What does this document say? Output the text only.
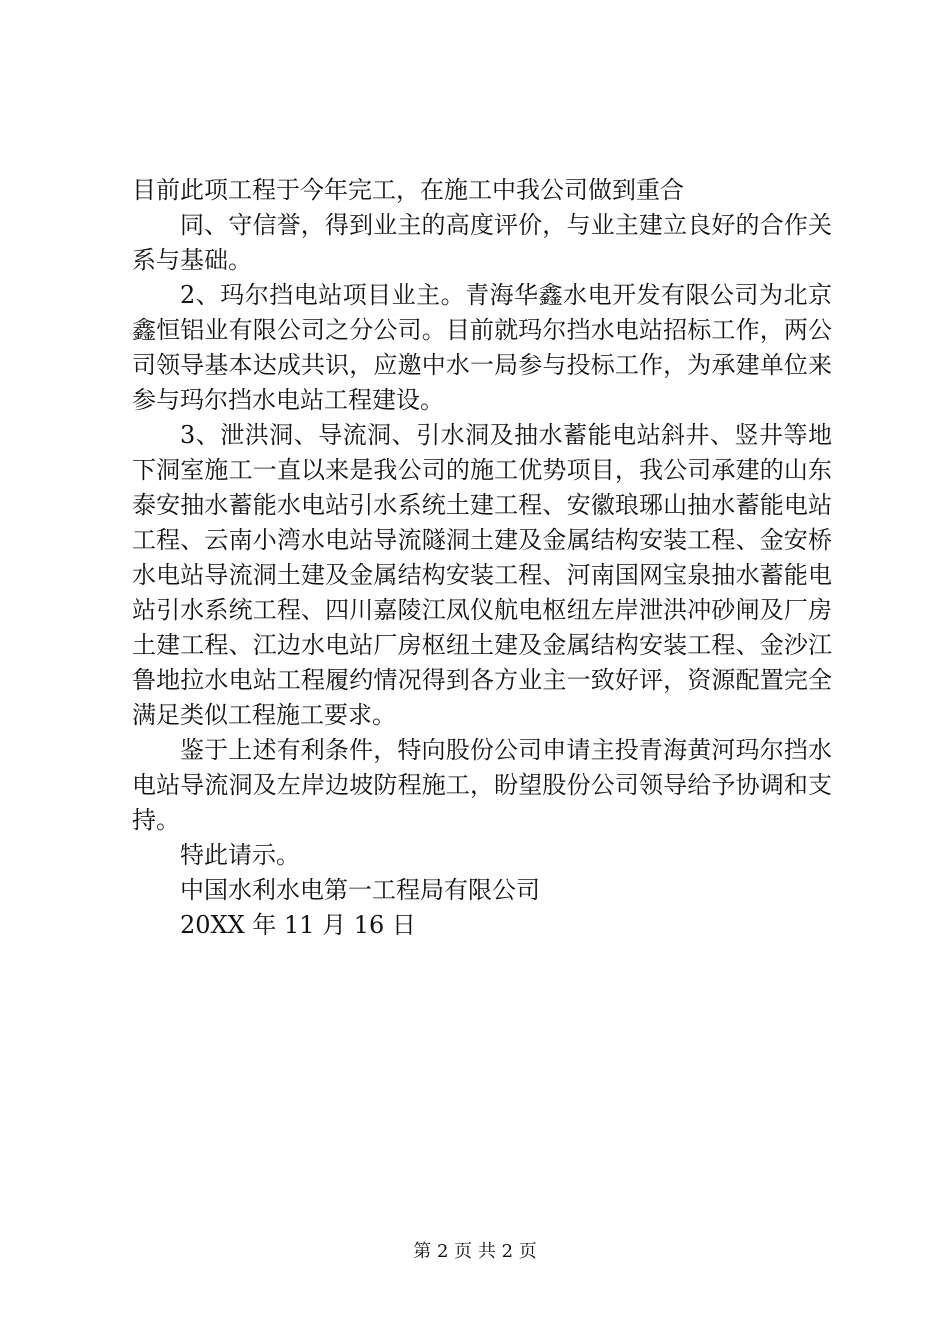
目前此项工程于今年完工，在施工中我公司做到重合

同、守信誉，得到业主的高度评价，与业主建立良好的合作关系与基础。

2、玛尔挡电站项目业主。青海华鑫水电开发有限公司为北京鑫恒铝业有限公司之分公司。目前就玛尔挡水电站招标工作，两公司领导基本达成共识，应邀中水一局参与投标工作，为承建单位来参与玛尔挡水电站工程建设。

3、泄洪洞、导流洞、引水洞及抽水蓄能电站斜井、竖井等地下洞室施工一直以来是我公司的施工优势项目，我公司承建的山东泰安抽水蓄能水电站引水系统土建工程、安徽琅琊山抽水蓄能电站工程、云南小湾水电站导流隧洞土建及金属结构安装工程、金安桥水电站导流洞土建及金属结构安装工程、河南国网宝泉抽水蓄能电站引水系统工程、四川嘉陵江凤仪航电枢纽左岸泄洪冲砂闸及厂房土建工程、江边水电站厂房枢纽土建及金属结构安装工程、金沙江鲁地拉水电站工程履约情况得到各方业主一致好评，资源配置完全满足类似工程施工要求。

鉴于上述有利条件，特向股份公司申请主投青海黄河玛尔挡水电站导流洞及左岸边坡防程施工，盼望股份公司领导给予协调和支持。

特此请示。

中国水利水电第一工程局有限公司

20XX 年 11 月 16 日

第 2 页 共 2 页
